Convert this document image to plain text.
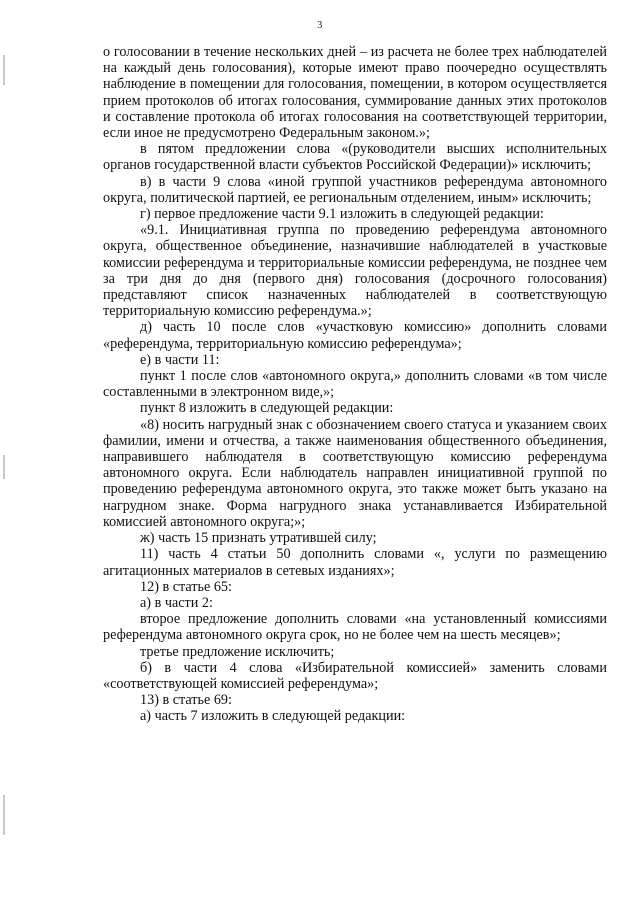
3

о голосовании в течение нескольких дней – из расчета не более трех наблюдателей на каждый день голосования), которые имеют право поочередно осуществлять наблюдение в помещении для голосования, помещении, в котором осуществляется прием протоколов об итогах голосования, суммирование данных этих протоколов и составление протокола об итогах голосования на соответствующей территории, если иное не предусмотрено Федеральным законом.»;

в пятом предложении слова «(руководители высших исполнительных органов государственной власти субъектов Российской Федерации)» исключить;

в) в части 9 слова «иной группой участников референдума автономного округа, политической партией, ее региональным отделением, иным» исключить;

г) первое предложение части 9.1 изложить в следующей редакции:

«9.1. Инициативная группа по проведению референдума автономного округа, общественное объединение, назначившие наблюдателей в участковые комиссии референдума и территориальные комиссии референдума, не позднее чем за три дня до дня (первого дня) голосования (досрочного голосования) представляют список назначенных наблюдателей в соответствующую территориальную комиссию референдума.»;

д) часть 10 после слов «участковую комиссию» дополнить словами «референдума, территориальную комиссию референдума»;

е) в части 11:

пункт 1 после слов «автономного округа,» дополнить словами «в том числе составленными в электронном виде,»;

пункт 8 изложить в следующей редакции:

«8) носить нагрудный знак с обозначением своего статуса и указанием своих фамилии, имени и отчества, а также наименования общественного объединения, направившего наблюдателя в соответствующую комиссию референдума автономного округа. Если наблюдатель направлен инициативной группой по проведению референдума автономного округа, это также может быть указано на нагрудном знаке. Форма нагрудного знака устанавливается Избирательной комиссией автономного округа;»;

ж) часть 15 признать утратившей силу;

11) часть 4 статьи 50 дополнить словами «, услуги по размещению агитационных материалов в сетевых изданиях»;

12) в статье 65:

а) в части 2:

второе предложение дополнить словами «на установленный комиссиями референдума автономного округа срок, но не более чем на шесть месяцев»;

третье предложение исключить;

б) в части 4 слова «Избирательной комиссией» заменить словами «соответствующей комиссией референдума»;

13) в статье 69:

а) часть 7 изложить в следующей редакции:
